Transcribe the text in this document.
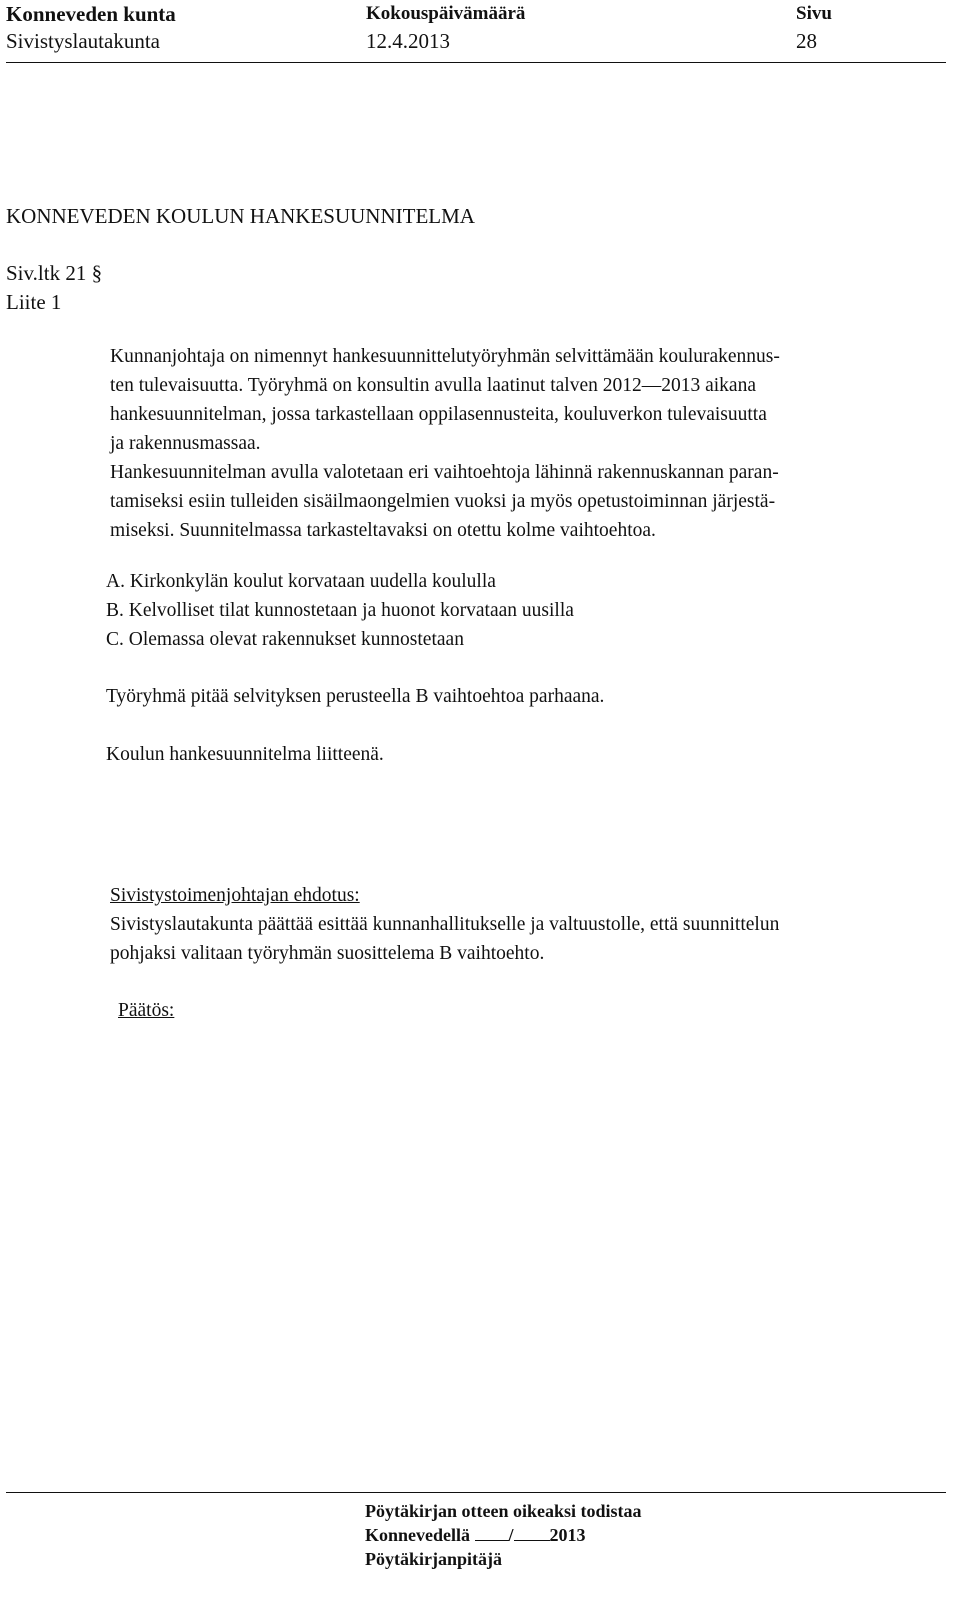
Konneveden kunta
Sivistyslautakunta
Kokouspäivämäärä
12.4.2013
Sivu
28
KONNEVEDEN KOULUN HANKESUUNNITELMA
Siv.ltk 21 §
Liite 1
Kunnanjohtaja on nimennyt hankesuunnittelutyöryhmän selvittämään koulurakennus-
ten tulevaisuutta. Työryhmä on konsultin avulla laatinut talven 2012—2013 aikana
hankesuunnitelman, jossa tarkastellaan oppilasennusteita, kouluverkon tulevaisuutta
ja rakennusmassaa.
Hankesuunnitelman avulla valotetaan eri vaihtoehtoja lähinnä rakennuskannan paran-
tamiseksi esiin tulleiden sisäilmaongelmien vuoksi ja myös opetustoiminnan järjestä-
miseksi. Suunnitelmassa tarkasteltavaksi on otettu kolme vaihtoehtoa.
A. Kirkonkylän koulut korvataan uudella koululla
B. Kelvolliset tilat kunnostetaan ja huonot korvataan uusilla
C. Olemassa olevat rakennukset kunnostetaan
Työryhmä pitää selvityksen perusteella B vaihtoehtoa parhaana.
Koulun hankesuunnitelma liitteenä.
Sivistystoimenjohtajan ehdotus:
Sivistyslautakunta päättää esittää kunnanhallitukselle ja valtuustolle, että suunnittelun
pohjaksi valitaan työryhmän suosittelema B vaihtoehto.
Päätös:
Pöytäkirjan otteen oikeaksi todistaa
Konnevedellä / 2013
Pöytäkirjanpitäjä
